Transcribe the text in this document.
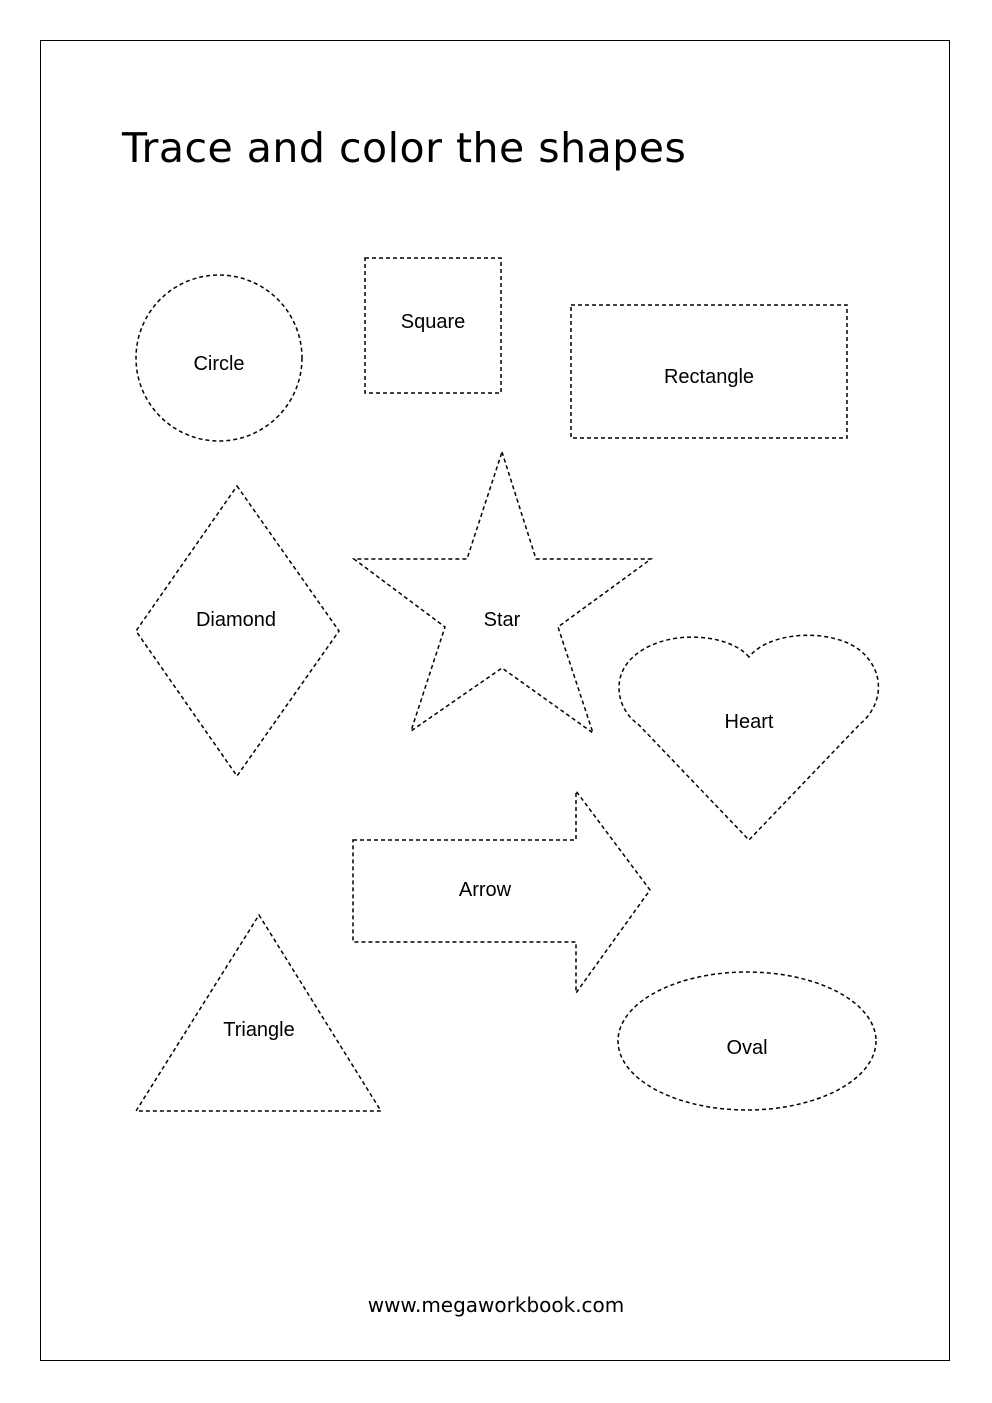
Trace and color the shapes
Circle
Square
Rectangle
Diamond	Star
Heart
Arrow
Triangle
Oval
www.megaworkbook.com
